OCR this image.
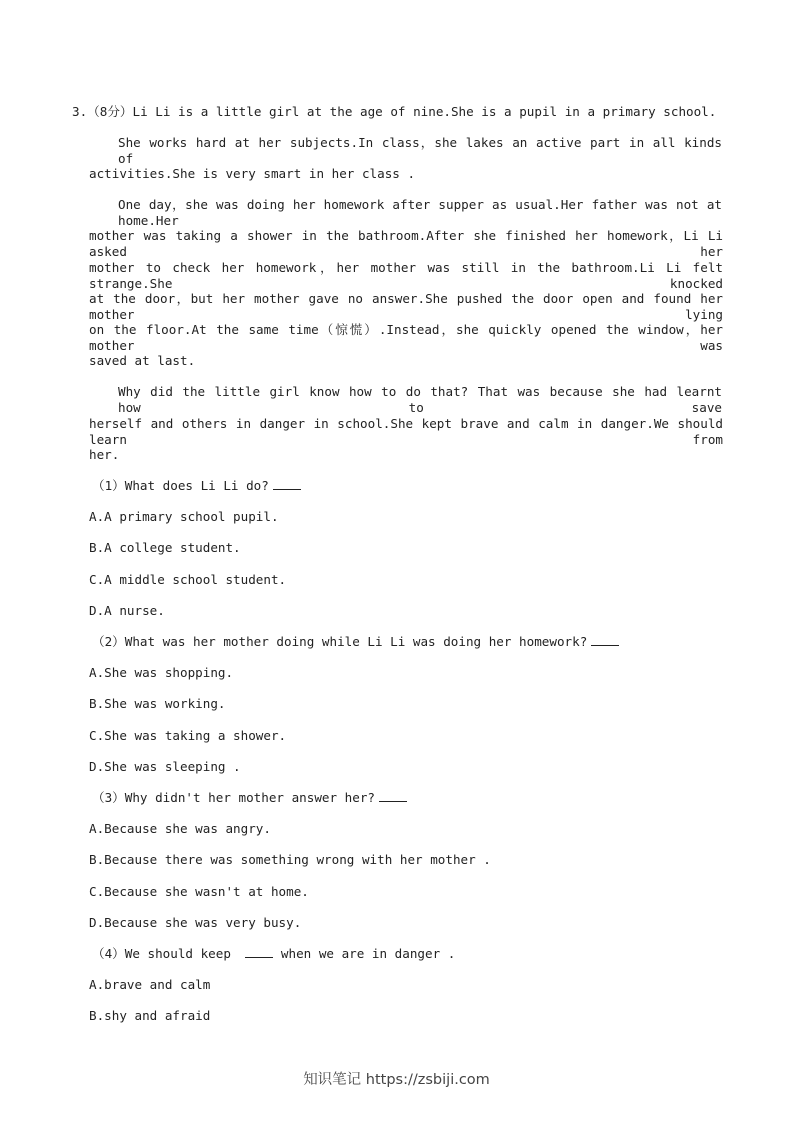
3.（8分）Li Li is a little girl at the age of nine.She is a pupil in a primary school.
She works hard at her subjects.In class，she lakes an active part in all kinds of
activities.She is very smart in her class .
One day，she was doing her homework after supper as usual.Her father was not at home.Her
mother was taking a shower in the bathroom.After she finished her homework，Li Li asked her
mother to check her homework，her mother was still in the bathroom.Li Li felt strange.She knocked
at the door，but her mother gave no answer.She pushed the door open and found her mother lying
on the floor.At the same time（惊慌）.Instead，she quickly opened the window，her mother was
saved at last.
Why did the little girl know how to do that? That was because she had learnt how to save
herself and others in danger in school.She kept brave and calm in danger.We should learn from
her.
（1）What does Li Li do?
A.A primary school pupil.
B.A college student.
C.A middle school student.
D.A nurse.
（2）What was her mother doing while Li Li was doing her homework?
A.She was shopping.
B.She was working.
C.She was taking a shower.
D.She was sleeping .
（3）Why didn't her mother answer her?
A.Because she was angry.
B.Because there was something wrong with her mother .
C.Because she wasn't at home.
D.Because she was very busy.
（4）We should keep	when we are in danger .
A.brave and calm
B.shy and afraid
知识笔记 https://zsbiji.com
